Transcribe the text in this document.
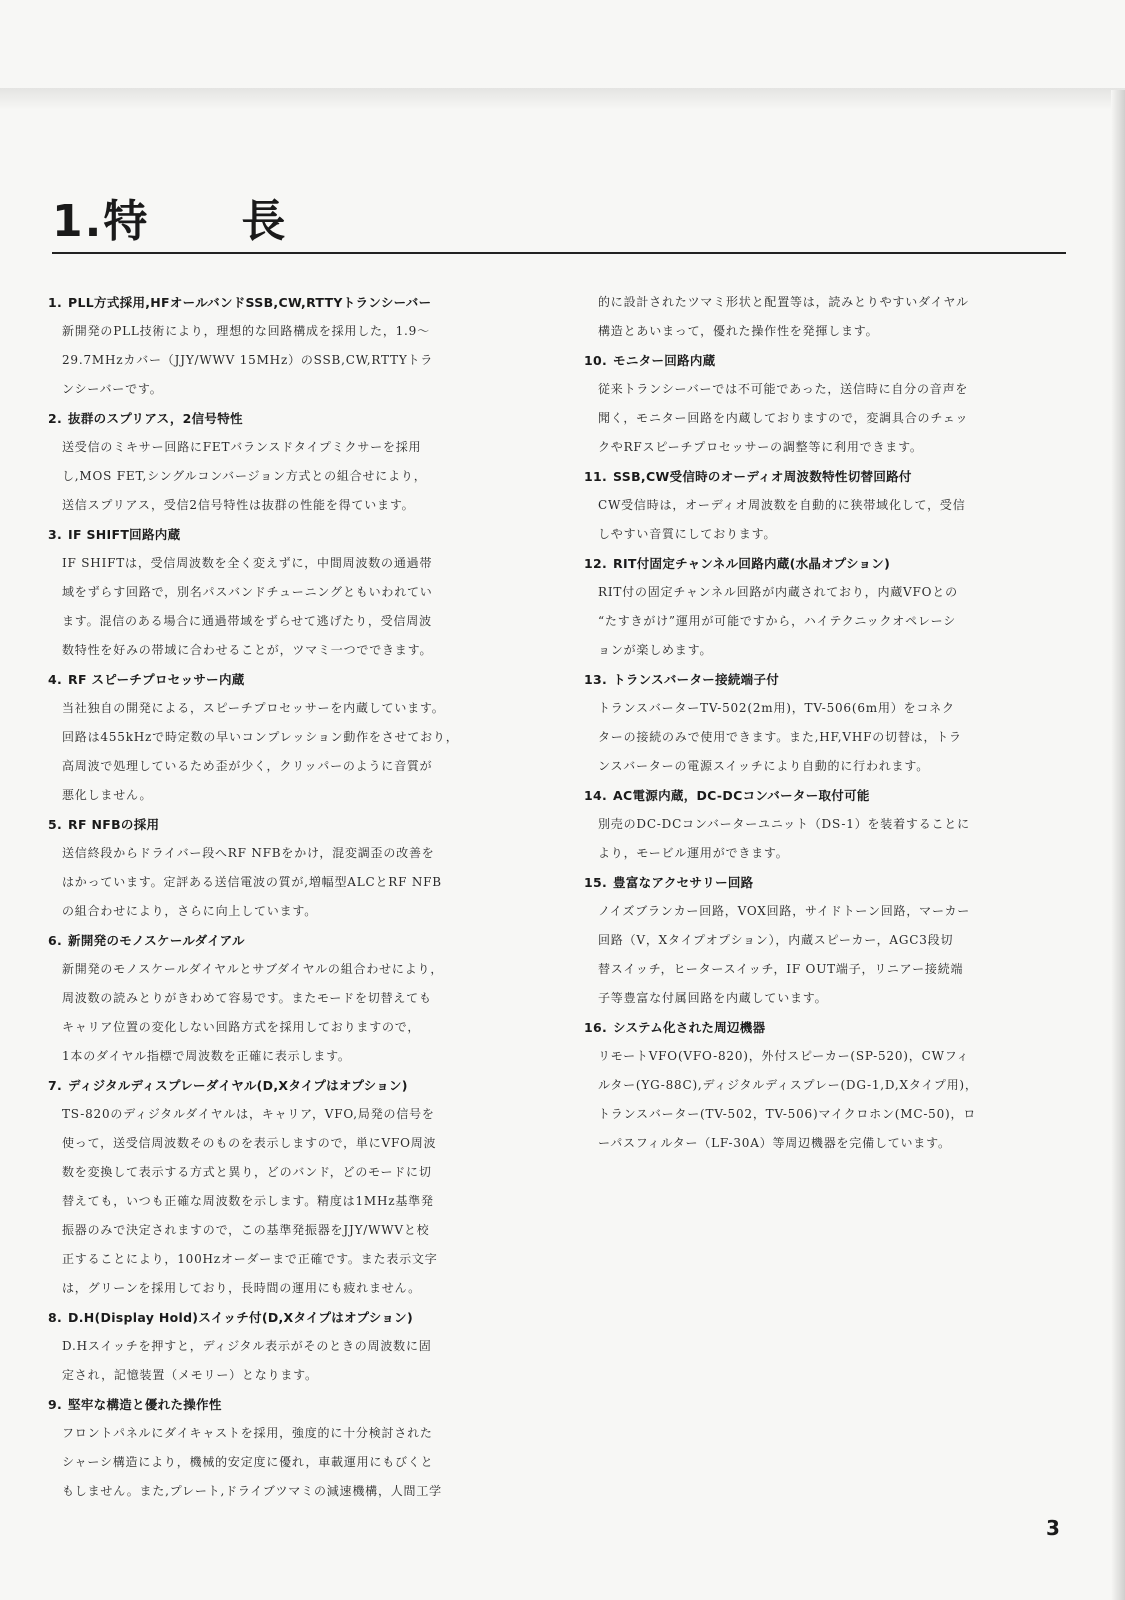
1.特　　長
1. PLL方式採用,HFオールバンドSSB,CW,RTTYトランシーバー
新開発のPLL技術により，理想的な回路構成を採用した，1.9〜
29.7MHzカバー（JJY/WWV 15MHz）のSSB,CW,RTTYトラ
ンシーバーです。
2. 抜群のスプリアス，2信号特性
送受信のミキサー回路にFETバランスドタイプミクサーを採用
し,MOS FET,シングルコンバージョン方式との組合せにより，
送信スプリアス，受信2信号特性は抜群の性能を得ています。
3. IF SHIFT回路内蔵
IF SHIFTは，受信周波数を全く変えずに，中間周波数の通過帯
域をずらす回路で，別名パスバンドチューニングともいわれてい
ます。混信のある場合に通過帯域をずらせて逃げたり，受信周波
数特性を好みの帯域に合わせることが，ツマミ一つでできます。
4. RF スピーチプロセッサー内蔵
当社独自の開発による，スピーチプロセッサーを内蔵しています。
回路は455kHzで時定数の早いコンプレッション動作をさせており，
高周波で処理しているため歪が少く，クリッパーのように音質が
悪化しません。
5. RF NFBの採用
送信終段からドライバー段へRF NFBをかけ，混変調歪の改善を
はかっています。定評ある送信電波の質が,増幅型ALCとRF NFB
の組合わせにより，さらに向上しています。
6. 新開発のモノスケールダイアル
新開発のモノスケールダイヤルとサブダイヤルの組合わせにより，
周波数の読みとりがきわめて容易です。またモードを切替えても
キャリア位置の変化しない回路方式を採用しておりますので，
1本のダイヤル指標で周波数を正確に表示します。
7. ディジタルディスプレーダイヤル(D,Xタイプはオプション)
TS-820のディジタルダイヤルは，キャリア，VFO,局発の信号を
使って，送受信周波数そのものを表示しますので，単にVFO周波
数を変換して表示する方式と異り，どのバンド，どのモードに切
替えても，いつも正確な周波数を示します。精度は1MHz基準発
振器のみで決定されますので，この基準発振器をJJY/WWVと校
正することにより，100Hzオーダーまで正確です。また表示文字
は，グリーンを採用しており，長時間の運用にも疲れません。
8. D.H(Display Hold)スイッチ付(D,Xタイプはオプション)
D.Hスイッチを押すと，ディジタル表示がそのときの周波数に固
定され，記憶装置（メモリー）となります。
9. 堅牢な構造と優れた操作性
フロントパネルにダイキャストを採用，強度的に十分検討された
シャーシ構造により，機械的安定度に優れ，車載運用にもびくと
もしません。また,プレート,ドライブツマミの減速機構，人間工学
的に設計されたツマミ形状と配置等は，読みとりやすいダイヤル
構造とあいまって，優れた操作性を発揮します。
10. モニター回路内蔵
従来トランシーバーでは不可能であった，送信時に自分の音声を
聞く，モニター回路を内蔵しておりますので，変調具合のチェッ
クやRFスピーチプロセッサーの調整等に利用できます。
11. SSB,CW受信時のオーディオ周波数特性切替回路付
CW受信時は，オーディオ周波数を自動的に狭帯域化して，受信
しやすい音質にしております。
12. RIT付固定チャンネル回路内蔵(水晶オプション)
RIT付の固定チャンネル回路が内蔵されており，内蔵VFOとの
“たすきがけ”運用が可能ですから，ハイテクニックオペレーシ
ョンが楽しめます。
13. トランスバーター接続端子付
トランスバーターTV-502(2m用)，TV-506(6m用）をコネク
ターの接続のみで使用できます。また,HF,VHFの切替は，トラ
ンスバーターの電源スイッチにより自動的に行われます。
14. AC電源内蔵，DC-DCコンバーター取付可能
別売のDC-DCコンバーターユニット（DS-1）を装着することに
より，モービル運用ができます。
15. 豊富なアクセサリー回路
ノイズブランカー回路，VOX回路，サイドトーン回路，マーカー
回路（V，Xタイプオプション），内蔵スピーカー，AGC3段切
替スイッチ，ヒータースイッチ，IF OUT端子，リニアー接続端
子等豊富な付属回路を内蔵しています。
16. システム化された周辺機器
リモートVFO(VFO-820)，外付スピーカー(SP-520)，CWフィ
ルター(YG-88C),ディジタルディスプレー(DG-1,D,Xタイプ用)，
トランスバーター(TV-502，TV-506)マイクロホン(MC-50)，ロ
ーパスフィルター（LF-30A）等周辺機器を完備しています。
3
